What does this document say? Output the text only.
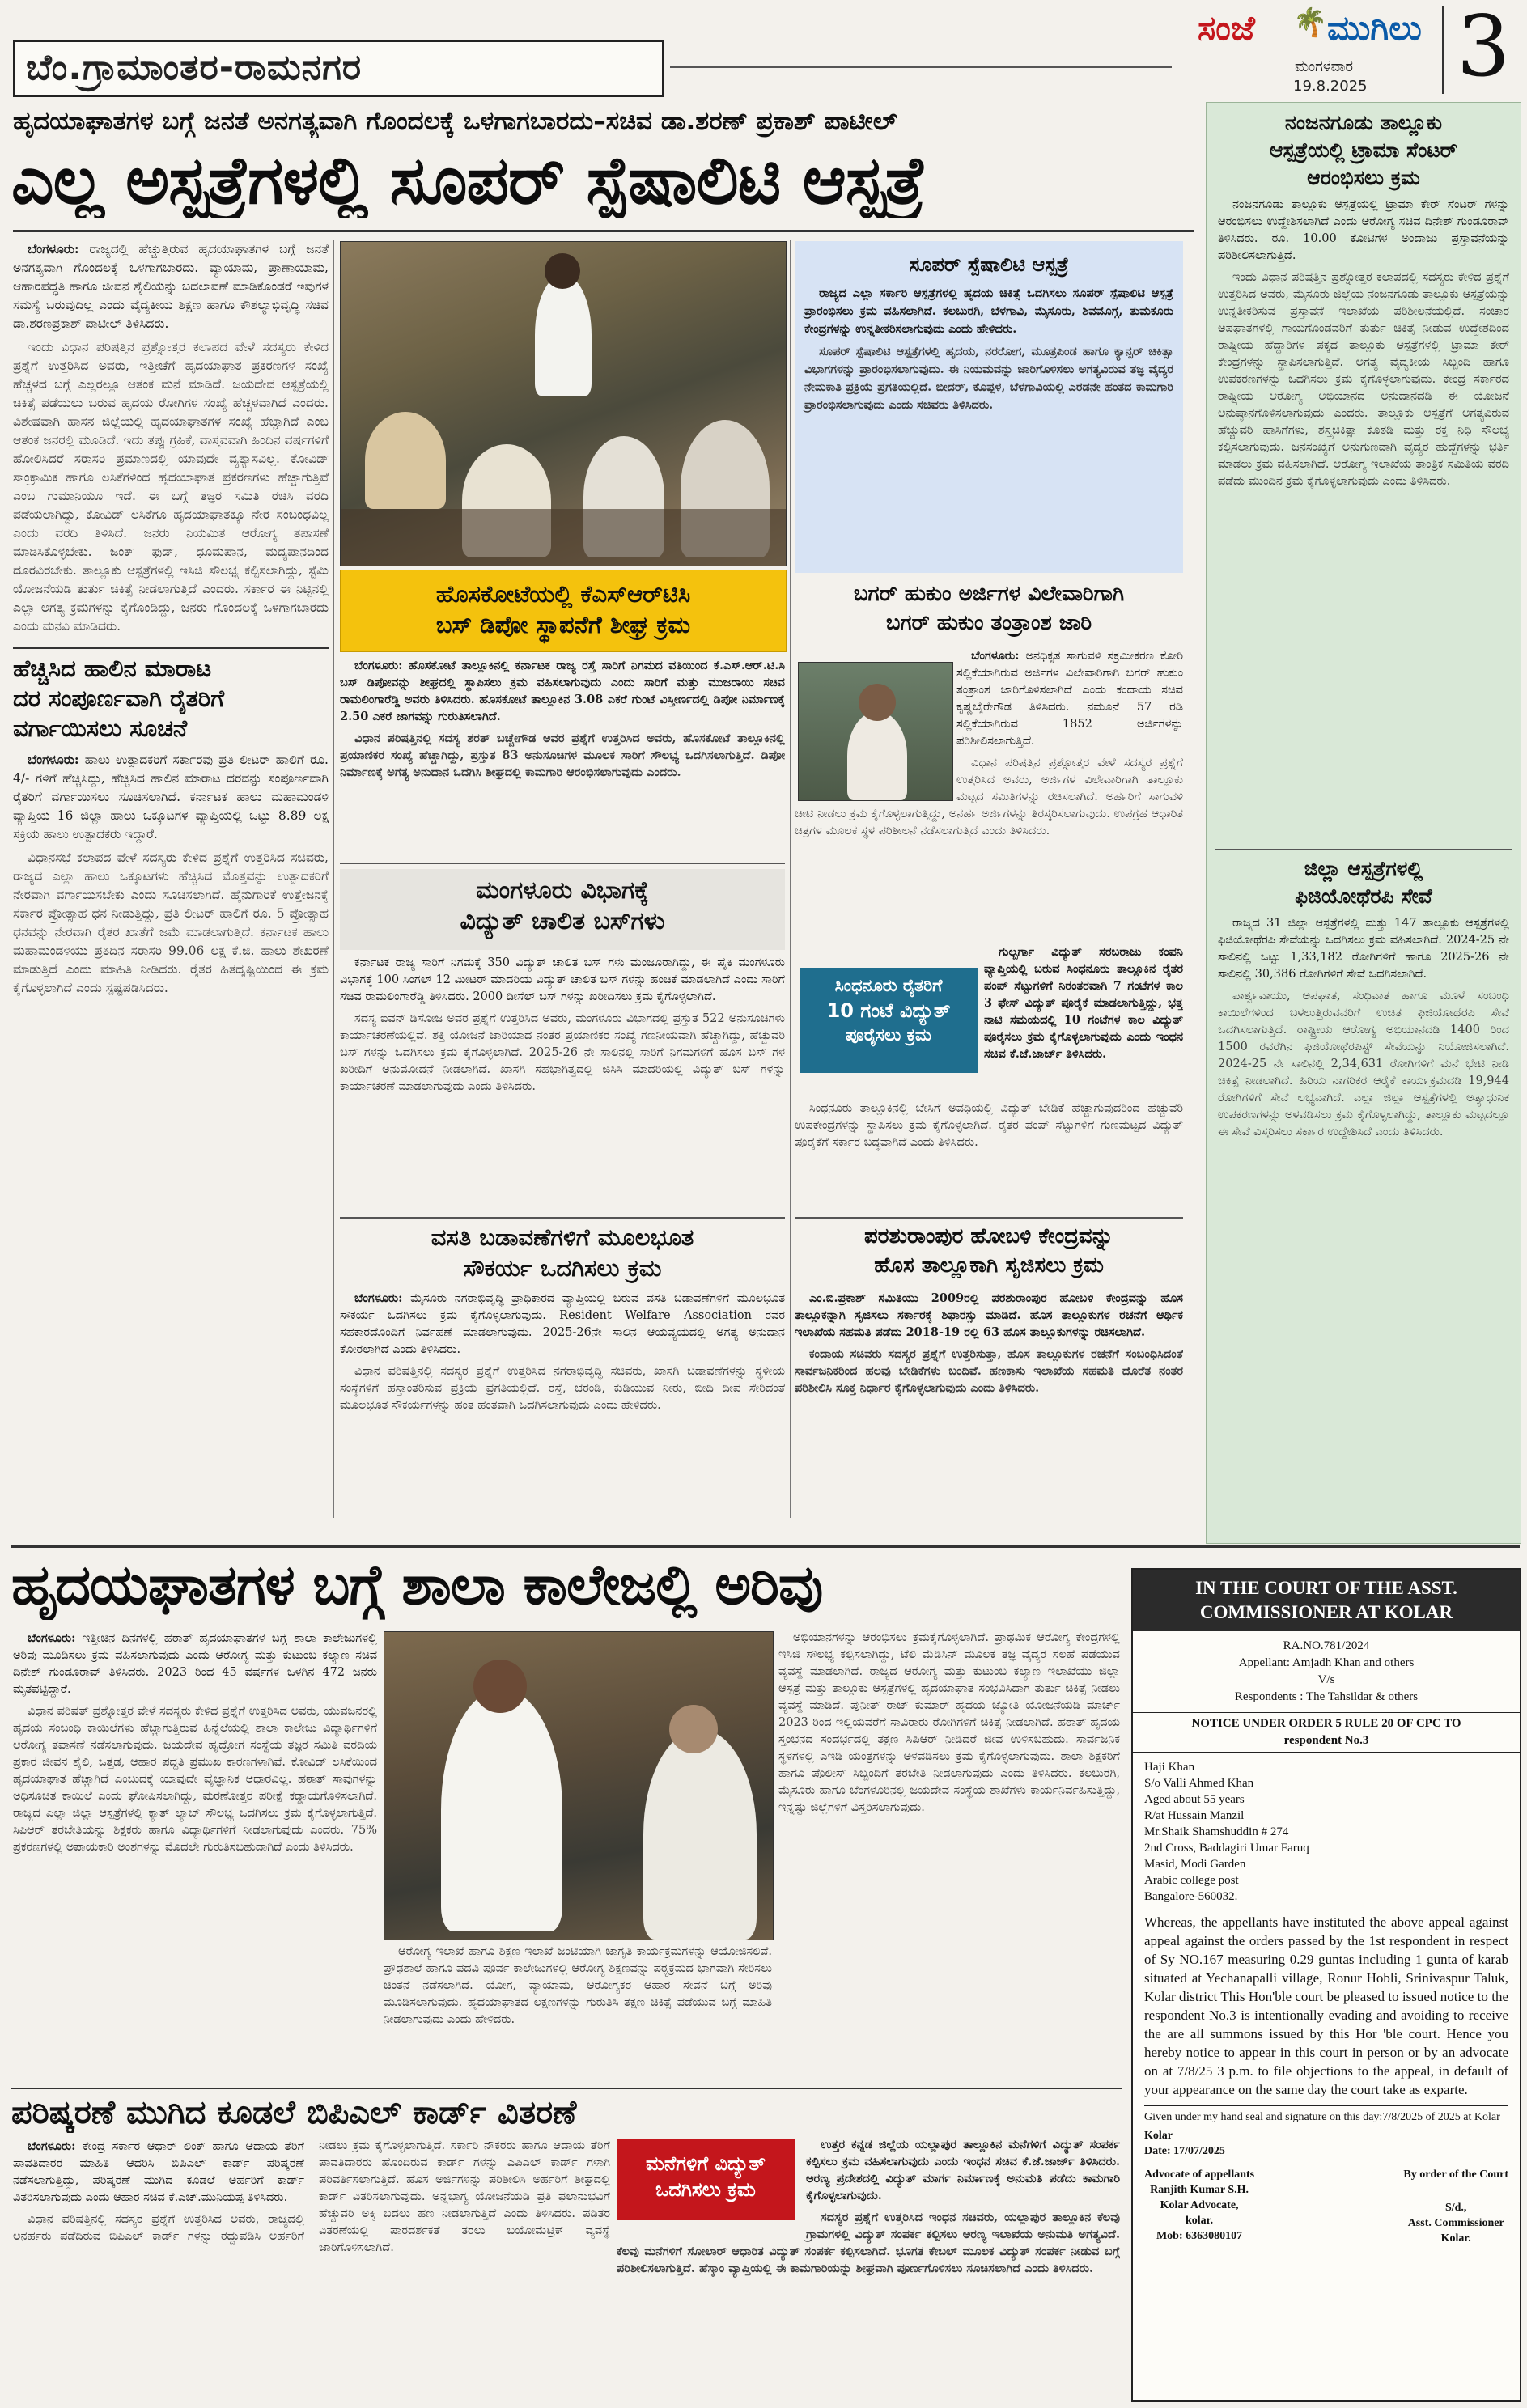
ಬೆಂ.ಗ್ರಾಮಾಂತರ-ರಾಮನಗರ
ಸಂಜೆ 🌴 ಮುಗಿಲು
ಮಂಗಳವಾರ
19.8.2025 3
ಹೃದಯಾಘಾತಗಳ ಬಗ್ಗೆ ಜನತೆ ಅನಗತ್ಯವಾಗಿ ಗೊಂದಲಕ್ಕೆ ಒಳಗಾಗಬಾರದು–ಸಚಿವ ಡಾ.ಶರಣ್ ಪ್ರಕಾಶ್ ಪಾಟೀಲ್
ಎಲ್ಲ ಅಸ್ಪತ್ರೆಗಳಲ್ಲಿ ಸೂಪರ್ ಸ್ಪೆಷಾಲಿಟಿ ಆಸ್ಪತ್ರೆ

ಬೆಂಗಳೂರು: ರಾಜ್ಯದಲ್ಲಿ ಹೆಚ್ಚುತ್ತಿರುವ ಹೃದಯಾಘಾತಗಳ ಬಗ್ಗೆ ಜನತೆ ಅನಗತ್ಯವಾಗಿ ಗೊಂದಲಕ್ಕೆ ಒಳಗಾಗಬಾರದು. ವ್ಯಾಯಾಮ, ಪ್ರಾಣಾಯಾಮ, ಆಹಾರಪದ್ಧತಿ ಹಾಗೂ ಜೀವನ ಶೈಲಿಯನ್ನು ಬದಲಾವಣೆ ಮಾಡಿಕೊಂಡರೆ ಇವುಗಳ ಸಮಸ್ಯೆ ಬರುವುದಿಲ್ಲ ಎಂದು ವೈದ್ಯಕೀಯ ಶಿಕ್ಷಣ ಹಾಗೂ ಕೌಶಲ್ಯಾಭಿವೃದ್ಧಿ ಸಚಿವ ಡಾ.ಶರಣಪ್ರಕಾಶ್ ಪಾಟೀಲ್ ತಿಳಿಸಿದರು.

ಇಂದು ವಿಧಾನ ಪರಿಷತ್ತಿನ ಪ್ರಶ್ನೋತ್ತರ ಕಲಾಪದ ವೇಳೆ ಸದಸ್ಯರು ಕೇಳಿದ ಪ್ರಶ್ನೆಗೆ ಉತ್ತರಿಸಿದ ಅವರು, ಇತ್ತೀಚೆಗೆ ಹೃದಯಾಘಾತ ಪ್ರಕರಣಗಳ ಸಂಖ್ಯೆ ಹೆಚ್ಚಳದ ಬಗ್ಗೆ ಎಲ್ಲರಲ್ಲೂ ಆತಂಕ ಮನೆ ಮಾಡಿದೆ. ಜಯದೇವ ಆಸ್ಪತ್ರೆಯಲ್ಲಿ ಚಿಕಿತ್ಸೆ ಪಡೆಯಲು ಬರುವ ಹೃದಯ ರೋಗಿಗಳ ಸಂಖ್ಯೆ ಹೆಚ್ಚಳವಾಗಿದೆ ಎಂದರು. ವಿಶೇಷವಾಗಿ ಹಾಸನ ಜಿಲ್ಲೆಯಲ್ಲಿ ಹೃದಯಾಘಾತಗಳ ಸಂಖ್ಯೆ ಹೆಚ್ಚಾಗಿದೆ ಎಂಬ ಆತಂಕ ಜನರಲ್ಲಿ ಮೂಡಿದೆ. ಇದು ತಪ್ಪು ಗ್ರಹಿಕೆ, ವಾಸ್ತವವಾಗಿ ಹಿಂದಿನ ವರ್ಷಗಳಿಗೆ ಹೋಲಿಸಿದರೆ ಸರಾಸರಿ ಪ್ರಮಾಣದಲ್ಲಿ ಯಾವುದೇ ವ್ಯತ್ಯಾಸವಿಲ್ಲ. ಕೋವಿಡ್ ಸಾಂಕ್ರಾಮಿಕ ಹಾಗೂ ಲಸಿಕೆಗಳಿಂದ ಹೃದಯಾಘಾತ ಪ್ರಕರಣಗಳು ಹೆಚ್ಚಾಗುತ್ತಿವೆ ಎಂಬ ಗುಮಾನಿಯೂ ಇದೆ. ಈ ಬಗ್ಗೆ ತಜ್ಞರ ಸಮಿತಿ ರಚಿಸಿ ವರದಿ ಪಡೆಯಲಾಗಿದ್ದು, ಕೋವಿಡ್ ಲಸಿಕೆಗೂ ಹೃದಯಾಘಾತಕ್ಕೂ ನೇರ ಸಂಬಂಧವಿಲ್ಲ ಎಂದು ವರದಿ ತಿಳಿಸಿದೆ. ಜನರು ನಿಯಮಿತ ಆರೋಗ್ಯ ತಪಾಸಣೆ ಮಾಡಿಸಿಕೊಳ್ಳಬೇಕು. ಜಂಕ್ ಫುಡ್, ಧೂಮಪಾನ, ಮದ್ಯಪಾನದಿಂದ ದೂರವಿರಬೇಕು. ತಾಲ್ಲೂಕು ಆಸ್ಪತ್ರೆಗಳಲ್ಲಿ ಇಸಿಜಿ ಸೌಲಭ್ಯ ಕಲ್ಪಿಸಲಾಗಿದ್ದು, ಸ್ಟೆಮಿ ಯೋಜನೆಯಡಿ ತುರ್ತು ಚಿಕಿತ್ಸೆ ನೀಡಲಾಗುತ್ತಿದೆ ಎಂದರು. ಸರ್ಕಾರ ಈ ನಿಟ್ಟಿನಲ್ಲಿ ಎಲ್ಲಾ ಅಗತ್ಯ ಕ್ರಮಗಳನ್ನು ಕೈಗೊಂಡಿದ್ದು, ಜನರು ಗೊಂದಲಕ್ಕೆ ಒಳಗಾಗಬಾರದು ಎಂದು ಮನವಿ ಮಾಡಿದರು.

ಹೆಚ್ಚಿಸಿದ ಹಾಲಿನ ಮಾರಾಟ
ದರ ಸಂಪೂರ್ಣವಾಗಿ ರೈತರಿಗೆ
ವರ್ಗಾಯಿಸಲು ಸೂಚನೆ

ಬೆಂಗಳೂರು: ಹಾಲು ಉತ್ಪಾದಕರಿಗೆ ಸರ್ಕಾರವು ಪ್ರತಿ ಲೀಟರ್ ಹಾಲಿಗೆ ರೂ. 4/- ಗಳಿಗೆ ಹೆಚ್ಚಿಸಿದ್ದು, ಹೆಚ್ಚಿಸಿದ ಹಾಲಿನ ಮಾರಾಟ ದರವನ್ನು ಸಂಪೂರ್ಣವಾಗಿ ರೈತರಿಗೆ ವರ್ಗಾಯಿಸಲು ಸೂಚಿಸಲಾಗಿದೆ. ಕರ್ನಾಟಕ ಹಾಲು ಮಹಾಮಂಡಳಿ ವ್ಯಾಪ್ತಿಯ 16 ಜಿಲ್ಲಾ ಹಾಲು ಒಕ್ಕೂಟಗಳ ವ್ಯಾಪ್ತಿಯಲ್ಲಿ ಒಟ್ಟು 8.89 ಲಕ್ಷ ಸಕ್ರಿಯ ಹಾಲು ಉತ್ಪಾದಕರು ಇದ್ದಾರೆ.

ವಿಧಾನಸಭೆ ಕಲಾಪದ ವೇಳೆ ಸದಸ್ಯರು ಕೇಳಿದ ಪ್ರಶ್ನೆಗೆ ಉತ್ತರಿಸಿದ ಸಚಿವರು, ರಾಜ್ಯದ ಎಲ್ಲಾ ಹಾಲು ಒಕ್ಕೂಟಗಳು ಹೆಚ್ಚಿಸಿದ ಮೊತ್ತವನ್ನು ಉತ್ಪಾದಕರಿಗೆ ನೇರವಾಗಿ ವರ್ಗಾಯಿಸಬೇಕು ಎಂದು ಸೂಚಿಸಲಾಗಿದೆ. ಹೈನುಗಾರಿಕೆ ಉತ್ತೇಜನಕ್ಕೆ ಸರ್ಕಾರ ಪ್ರೋತ್ಸಾಹ ಧನ ನೀಡುತ್ತಿದ್ದು, ಪ್ರತಿ ಲೀಟರ್ ಹಾಲಿಗೆ ರೂ. 5 ಪ್ರೋತ್ಸಾಹ ಧನವನ್ನು ನೇರವಾಗಿ ರೈತರ ಖಾತೆಗೆ ಜಮೆ ಮಾಡಲಾಗುತ್ತಿದೆ. ಕರ್ನಾಟಕ ಹಾಲು ಮಹಾಮಂಡಳಿಯು ಪ್ರತಿದಿನ ಸರಾಸರಿ 99.06 ಲಕ್ಷ ಕೆ.ಜಿ. ಹಾಲು ಶೇಖರಣೆ ಮಾಡುತ್ತಿದೆ ಎಂದು ಮಾಹಿತಿ ನೀಡಿದರು. ರೈತರ ಹಿತದೃಷ್ಟಿಯಿಂದ ಈ ಕ್ರಮ ಕೈಗೊಳ್ಳಲಾಗಿದೆ ಎಂದು ಸ್ಪಷ್ಟಪಡಿಸಿದರು.

ಹೊಸಕೋಟೆಯಲ್ಲಿ ಕೆಎಸ್‌ಆರ್‌ಟಿಸಿ
ಬಸ್ ಡಿಪೋ ಸ್ಥಾಪನೆಗೆ ಶೀಘ್ರ ಕ್ರಮ

ಬೆಂಗಳೂರು: ಹೊಸಕೋಟೆ ತಾಲ್ಲೂಕಿನಲ್ಲಿ ಕರ್ನಾಟಕ ರಾಜ್ಯ ರಸ್ತೆ ಸಾರಿಗೆ ನಿಗಮದ ವತಿಯಿಂದ ಕೆ.ಎಸ್.ಆರ್.ಟಿ.ಸಿ ಬಸ್ ಡಿಪೋವನ್ನು ಶೀಘ್ರದಲ್ಲಿ ಸ್ಥಾಪಿಸಲು ಕ್ರಮ ವಹಿಸಲಾಗುವುದು ಎಂದು ಸಾರಿಗೆ ಮತ್ತು ಮುಜರಾಯಿ ಸಚಿವ ರಾಮಲಿಂಗಾರೆಡ್ಡಿ ಅವರು ತಿಳಿಸಿದರು. ಹೊಸಕೋಟೆ ತಾಲ್ಲೂಕಿನ 3.08 ಎಕರೆ ಗುಂಟೆ ವಿಸ್ತೀರ್ಣದಲ್ಲಿ ಡಿಪೋ ನಿರ್ಮಾಣಕ್ಕೆ 2.50 ಎಕರೆ ಜಾಗವನ್ನು ಗುರುತಿಸಲಾಗಿದೆ.

ವಿಧಾನ ಪರಿಷತ್ತಿನಲ್ಲಿ ಸದಸ್ಯ ಶರತ್ ಬಚ್ಚೇಗೌಡ ಅವರ ಪ್ರಶ್ನೆಗೆ ಉತ್ತರಿಸಿದ ಅವರು, ಹೊಸಕೋಟೆ ತಾಲ್ಲೂಕಿನಲ್ಲಿ ಪ್ರಯಾಣಿಕರ ಸಂಖ್ಯೆ ಹೆಚ್ಚಾಗಿದ್ದು, ಪ್ರಸ್ತುತ 83 ಅನುಸೂಚಿಗಳ ಮೂಲಕ ಸಾರಿಗೆ ಸೌಲಭ್ಯ ಒದಗಿಸಲಾಗುತ್ತಿದೆ. ಡಿಪೋ ನಿರ್ಮಾಣಕ್ಕೆ ಅಗತ್ಯ ಅನುದಾನ ಒದಗಿಸಿ ಶೀಘ್ರದಲ್ಲಿ ಕಾಮಗಾರಿ ಆರಂಭಿಸಲಾಗುವುದು ಎಂದರು.

ಮಂಗಳೂರು ವಿಭಾಗಕ್ಕೆ
ವಿದ್ಯುತ್ ಚಾಲಿತ ಬಸ್‌ಗಳು

ಕರ್ನಾಟಕ ರಾಜ್ಯ ಸಾರಿಗೆ ನಿಗಮಕ್ಕೆ 350 ವಿದ್ಯುತ್ ಚಾಲಿತ ಬಸ್ ಗಳು ಮಂಜೂರಾಗಿದ್ದು, ಈ ಪೈಕಿ ಮಂಗಳೂರು ವಿಭಾಗಕ್ಕೆ 100 ಸಿಂಗಲ್ 12 ಮೀಟರ್ ಮಾದರಿಯ ವಿದ್ಯುತ್ ಚಾಲಿತ ಬಸ್ ಗಳನ್ನು ಹಂಚಿಕೆ ಮಾಡಲಾಗಿದೆ ಎಂದು ಸಾರಿಗೆ ಸಚಿವ ರಾಮಲಿಂಗಾರೆಡ್ಡಿ ತಿಳಿಸಿದರು. 2000 ಡೀಸೆಲ್ ಬಸ್ ಗಳನ್ನು ಖರೀದಿಸಲು ಕ್ರಮ ಕೈಗೊಳ್ಳಲಾಗಿದೆ.

ಸದಸ್ಯ ಐವನ್ ಡಿಸೋಜ ಅವರ ಪ್ರಶ್ನೆಗೆ ಉತ್ತರಿಸಿದ ಅವರು, ಮಂಗಳೂರು ವಿಭಾಗದಲ್ಲಿ ಪ್ರಸ್ತುತ 522 ಅನುಸೂಚಿಗಳು ಕಾರ್ಯಾಚರಣೆಯಲ್ಲಿವೆ. ಶಕ್ತಿ ಯೋಜನೆ ಜಾರಿಯಾದ ನಂತರ ಪ್ರಯಾಣಿಕರ ಸಂಖ್ಯೆ ಗಣನೀಯವಾಗಿ ಹೆಚ್ಚಾಗಿದ್ದು, ಹೆಚ್ಚುವರಿ ಬಸ್ ಗಳನ್ನು ಒದಗಿಸಲು ಕ್ರಮ ಕೈಗೊಳ್ಳಲಾಗಿದೆ. 2025-26 ನೇ ಸಾಲಿನಲ್ಲಿ ಸಾರಿಗೆ ನಿಗಮಗಳಿಗೆ ಹೊಸ ಬಸ್ ಗಳ ಖರೀದಿಗೆ ಅನುಮೋದನೆ ನೀಡಲಾಗಿದೆ. ಖಾಸಗಿ ಸಹಭಾಗಿತ್ವದಲ್ಲಿ ಜಿಸಿಸಿ ಮಾದರಿಯಲ್ಲಿ ವಿದ್ಯುತ್ ಬಸ್ ಗಳನ್ನು ಕಾರ್ಯಾಚರಣೆ ಮಾಡಲಾಗುವುದು ಎಂದು ತಿಳಿಸಿದರು.

ವಸತಿ ಬಡಾವಣೆಗಳಿಗೆ ಮೂಲಭೂತ
ಸೌಕರ್ಯ ಒದಗಿಸಲು ಕ್ರಮ

ಬೆಂಗಳೂರು: ಮೈಸೂರು ನಗರಾಭಿವೃದ್ಧಿ ಪ್ರಾಧಿಕಾರದ ವ್ಯಾಪ್ತಿಯಲ್ಲಿ ಬರುವ ವಸತಿ ಬಡಾವಣೆಗಳಿಗೆ ಮೂಲಭೂತ ಸೌಕರ್ಯ ಒದಗಿಸಲು ಕ್ರಮ ಕೈಗೊಳ್ಳಲಾಗುವುದು. Resident Welfare Association ರವರ ಸಹಕಾರದೊಂದಿಗೆ ನಿರ್ವಹಣೆ ಮಾಡಲಾಗುವುದು. 2025-26ನೇ ಸಾಲಿನ ಆಯವ್ಯಯದಲ್ಲಿ ಅಗತ್ಯ ಅನುದಾನ ಕೋರಲಾಗಿದೆ ಎಂದು ತಿಳಿಸಿದರು.

ವಿಧಾನ ಪರಿಷತ್ತಿನಲ್ಲಿ ಸದಸ್ಯರ ಪ್ರಶ್ನೆಗೆ ಉತ್ತರಿಸಿದ ನಗರಾಭಿವೃದ್ಧಿ ಸಚಿವರು, ಖಾಸಗಿ ಬಡಾವಣೆಗಳನ್ನು ಸ್ಥಳೀಯ ಸಂಸ್ಥೆಗಳಿಗೆ ಹಸ್ತಾಂತರಿಸುವ ಪ್ರಕ್ರಿಯೆ ಪ್ರಗತಿಯಲ್ಲಿದೆ. ರಸ್ತೆ, ಚರಂಡಿ, ಕುಡಿಯುವ ನೀರು, ಬೀದಿ ದೀಪ ಸೇರಿದಂತೆ ಮೂಲಭೂತ ಸೌಕರ್ಯಗಳನ್ನು ಹಂತ ಹಂತವಾಗಿ ಒದಗಿಸಲಾಗುವುದು ಎಂದು ಹೇಳಿದರು.

ಸೂಪರ್ ಸ್ಪೆಷಾಲಿಟಿ ಆಸ್ಪತ್ರೆ

ರಾಜ್ಯದ ಎಲ್ಲಾ ಸರ್ಕಾರಿ ಆಸ್ಪತ್ರೆಗಳಲ್ಲಿ ಹೃದಯ ಚಿಕಿತ್ಸೆ ಒದಗಿಸಲು ಸೂಪರ್ ಸ್ಪೆಷಾಲಿಟಿ ಆಸ್ಪತ್ರೆ ಪ್ರಾರಂಭಿಸಲು ಕ್ರಮ ವಹಿಸಲಾಗಿದೆ. ಕಲಬುರಗಿ, ಬೆಳಗಾವಿ, ಮೈಸೂರು, ಶಿವಮೊಗ್ಗ, ತುಮಕೂರು ಕೇಂದ್ರಗಳನ್ನು ಉನ್ನತೀಕರಿಸಲಾಗುವುದು ಎಂದು ಹೇಳಿದರು.

ಸೂಪರ್ ಸ್ಪೆಷಾಲಿಟಿ ಆಸ್ಪತ್ರೆಗಳಲ್ಲಿ ಹೃದಯ, ನರರೋಗ, ಮೂತ್ರಪಿಂಡ ಹಾಗೂ ಕ್ಯಾನ್ಸರ್ ಚಿಕಿತ್ಸಾ ವಿಭಾಗಗಳನ್ನು ಪ್ರಾರಂಭಿಸಲಾಗುವುದು. ಈ ನಿಯಮವನ್ನು ಜಾರಿಗೊಳಿಸಲು ಅಗತ್ಯವಿರುವ ತಜ್ಞ ವೈದ್ಯರ ನೇಮಕಾತಿ ಪ್ರಕ್ರಿಯೆ ಪ್ರಗತಿಯಲ್ಲಿದೆ. ಬೀದರ್, ಕೊಪ್ಪಳ, ಬೆಳಗಾವಿಯಲ್ಲಿ ಎರಡನೇ ಹಂತದ ಕಾಮಗಾರಿ ಪ್ರಾರಂಭಿಸಲಾಗುವುದು ಎಂದು ಸಚಿವರು ತಿಳಿಸಿದರು.

ಬಗರ್ ಹುಕುಂ ಅರ್ಜಿಗಳ ವಿಲೇವಾರಿಗಾಗಿ
ಬಗರ್ ಹುಕುಂ ತಂತ್ರಾಂಶ ಜಾರಿ

ಬೆಂಗಳೂರು: ಅನಧಿಕೃತ ಸಾಗುವಳಿ ಸಕ್ರಮೀಕರಣ ಕೋರಿ ಸಲ್ಲಿಕೆಯಾಗಿರುವ ಅರ್ಜಿಗಳ ವಿಲೇವಾರಿಗಾಗಿ ಬಗರ್ ಹುಕುಂ ತಂತ್ರಾಂಶ ಜಾರಿಗೊಳಿಸಲಾಗಿದೆ ಎಂದು ಕಂದಾಯ ಸಚಿವ ಕೃಷ್ಣಬೈರೇಗೌಡ ತಿಳಿಸಿದರು. ನಮೂನೆ 57 ರಡಿ ಸಲ್ಲಿಕೆಯಾಗಿರುವ 1852 ಅರ್ಜಿಗಳನ್ನು ಪರಿಶೀಲಿಸಲಾಗುತ್ತಿದೆ.

ವಿಧಾನ ಪರಿಷತ್ತಿನ ಪ್ರಶ್ನೋತ್ತರ ವೇಳೆ ಸದಸ್ಯರ ಪ್ರಶ್ನೆಗೆ ಉತ್ತರಿಸಿದ ಅವರು, ಅರ್ಜಿಗಳ ವಿಲೇವಾರಿಗಾಗಿ ತಾಲ್ಲೂಕು ಮಟ್ಟದ ಸಮಿತಿಗಳನ್ನು ರಚಿಸಲಾಗಿದೆ. ಅರ್ಹರಿಗೆ ಸಾಗುವಳಿ ಚೀಟಿ ನೀಡಲು ಕ್ರಮ ಕೈಗೊಳ್ಳಲಾಗುತ್ತಿದ್ದು, ಅನರ್ಹ ಅರ್ಜಿಗಳನ್ನು ತಿರಸ್ಕರಿಸಲಾಗುವುದು. ಉಪಗ್ರಹ ಆಧಾರಿತ ಚಿತ್ರಗಳ ಮೂಲಕ ಸ್ಥಳ ಪರಿಶೀಲನೆ ನಡೆಸಲಾಗುತ್ತಿದೆ ಎಂದು ತಿಳಿಸಿದರು.

ಸಿಂಧನೂರು ರೈತರಿಗೆ
10 ಗಂಟೆ ವಿದ್ಯುತ್
ಪೂರೈಸಲು ಕ್ರಮ

ಗುಲ್ಬರ್ಗಾ ವಿದ್ಯುತ್ ಸರಬರಾಜು ಕಂಪನಿ ವ್ಯಾಪ್ತಿಯಲ್ಲಿ ಬರುವ ಸಿಂಧನೂರು ತಾಲ್ಲೂಕಿನ ರೈತರ ಪಂಪ್ ಸೆಟ್ಟುಗಳಿಗೆ ನಿರಂತರವಾಗಿ 7 ಗಂಟೆಗಳ ಕಾಲ 3 ಫೇಸ್ ವಿದ್ಯುತ್ ಪೂರೈಕೆ ಮಾಡಲಾಗುತ್ತಿದ್ದು, ಭತ್ತ ನಾಟಿ ಸಮಯದಲ್ಲಿ 10 ಗಂಟೆಗಳ ಕಾಲ ವಿದ್ಯುತ್ ಪೂರೈಸಲು ಕ್ರಮ ಕೈಗೊಳ್ಳಲಾಗುವುದು ಎಂದು ಇಂಧನ ಸಚಿವ ಕೆ.ಜೆ.ಜಾರ್ಜ್ ತಿಳಿಸಿದರು.

ಸಿಂಧನೂರು ತಾಲ್ಲೂಕಿನಲ್ಲಿ ಬೇಸಿಗೆ ಅವಧಿಯಲ್ಲಿ ವಿದ್ಯುತ್ ಬೇಡಿಕೆ ಹೆಚ್ಚಾಗುವುದರಿಂದ ಹೆಚ್ಚುವರಿ ಉಪಕೇಂದ್ರಗಳನ್ನು ಸ್ಥಾಪಿಸಲು ಕ್ರಮ ಕೈಗೊಳ್ಳಲಾಗಿದೆ. ರೈತರ ಪಂಪ್ ಸೆಟ್ಟುಗಳಿಗೆ ಗುಣಮಟ್ಟದ ವಿದ್ಯುತ್ ಪೂರೈಕೆಗೆ ಸರ್ಕಾರ ಬದ್ಧವಾಗಿದೆ ಎಂದು ತಿಳಿಸಿದರು.

ಪರಶುರಾಂಪುರ ಹೋಬಳಿ ಕೇಂದ್ರವನ್ನು
ಹೊಸ ತಾಲ್ಲೂಕಾಗಿ ಸೃಜಿಸಲು ಕ್ರಮ

ಎಂ.ಬಿ.ಪ್ರಕಾಶ್ ಸಮಿತಿಯು 2009ರಲ್ಲಿ ಪರಶುರಾಂಪುರ ಹೋಬಳಿ ಕೇಂದ್ರವನ್ನು ಹೊಸ ತಾಲ್ಲೂಕನ್ನಾಗಿ ಸೃಜಿಸಲು ಸರ್ಕಾರಕ್ಕೆ ಶಿಫಾರಸ್ಸು ಮಾಡಿದೆ. ಹೊಸ ತಾಲ್ಲೂಕುಗಳ ರಚನೆಗೆ ಆರ್ಥಿಕ ಇಲಾಖೆಯ ಸಹಮತಿ ಪಡೆದು 2018-19 ರಲ್ಲಿ 63 ಹೊಸ ತಾಲ್ಲೂಕುಗಳನ್ನು ರಚಿಸಲಾಗಿದೆ.

ಕಂದಾಯ ಸಚಿವರು ಸದಸ್ಯರ ಪ್ರಶ್ನೆಗೆ ಉತ್ತರಿಸುತ್ತಾ, ಹೊಸ ತಾಲ್ಲೂಕುಗಳ ರಚನೆಗೆ ಸಂಬಂಧಿಸಿದಂತೆ ಸಾರ್ವಜನಿಕರಿಂದ ಹಲವು ಬೇಡಿಕೆಗಳು ಬಂದಿವೆ. ಹಣಕಾಸು ಇಲಾಖೆಯ ಸಹಮತಿ ದೊರೆತ ನಂತರ ಪರಿಶೀಲಿಸಿ ಸೂಕ್ತ ನಿರ್ಧಾರ ಕೈಗೊಳ್ಳಲಾಗುವುದು ಎಂದು ತಿಳಿಸಿದರು.

ನಂಜನಗೂಡು ತಾಲ್ಲೂಕು
ಆಸ್ಪತ್ರೆಯಲ್ಲಿ ಟ್ರಾಮಾ ಸೆಂಟರ್
ಆರಂಭಿಸಲು ಕ್ರಮ

ನಂಜನಗೂಡು ತಾಲ್ಲೂಕು ಆಸ್ಪತ್ರೆಯಲ್ಲಿ ಟ್ರಾಮಾ ಕೇರ್ ಸೆಂಟರ್ ಗಳನ್ನು ಆರಂಭಿಸಲು ಉದ್ದೇಶಿಸಲಾಗಿದೆ ಎಂದು ಆರೋಗ್ಯ ಸಚಿವ ದಿನೇಶ್ ಗುಂಡೂರಾವ್ ತಿಳಿಸಿದರು. ರೂ. 10.00 ಕೋಟಿಗಳ ಅಂದಾಜು ಪ್ರಸ್ತಾವನೆಯನ್ನು ಪರಿಶೀಲಿಸಲಾಗುತ್ತಿದೆ.

ಇಂದು ವಿಧಾನ ಪರಿಷತ್ತಿನ ಪ್ರಶ್ನೋತ್ತರ ಕಲಾಪದಲ್ಲಿ ಸದಸ್ಯರು ಕೇಳಿದ ಪ್ರಶ್ನೆಗೆ ಉತ್ತರಿಸಿದ ಅವರು, ಮೈಸೂರು ಜಿಲ್ಲೆಯ ನಂಜನಗೂಡು ತಾಲ್ಲೂಕು ಆಸ್ಪತ್ರೆಯನ್ನು ಉನ್ನತೀಕರಿಸುವ ಪ್ರಸ್ತಾವನೆ ಇಲಾಖೆಯ ಪರಿಶೀಲನೆಯಲ್ಲಿದೆ. ಸಂಚಾರ ಅಪಘಾತಗಳಲ್ಲಿ ಗಾಯಗೊಂಡವರಿಗೆ ತುರ್ತು ಚಿಕಿತ್ಸೆ ನೀಡುವ ಉದ್ದೇಶದಿಂದ ರಾಷ್ಟ್ರೀಯ ಹೆದ್ದಾರಿಗಳ ಪಕ್ಕದ ತಾಲ್ಲೂಕು ಆಸ್ಪತ್ರೆಗಳಲ್ಲಿ ಟ್ರಾಮಾ ಕೇರ್ ಕೇಂದ್ರಗಳನ್ನು ಸ್ಥಾಪಿಸಲಾಗುತ್ತಿದೆ. ಅಗತ್ಯ ವೈದ್ಯಕೀಯ ಸಿಬ್ಬಂದಿ ಹಾಗೂ ಉಪಕರಣಗಳನ್ನು ಒದಗಿಸಲು ಕ್ರಮ ಕೈಗೊಳ್ಳಲಾಗುವುದು. ಕೇಂದ್ರ ಸರ್ಕಾರದ ರಾಷ್ಟ್ರೀಯ ಆರೋಗ್ಯ ಅಭಿಯಾನದ ಅನುದಾನದಡಿ ಈ ಯೋಜನೆ ಅನುಷ್ಠಾನಗೊಳಿಸಲಾಗುವುದು ಎಂದರು. ತಾಲ್ಲೂಕು ಆಸ್ಪತ್ರೆಗೆ ಅಗತ್ಯವಿರುವ ಹೆಚ್ಚುವರಿ ಹಾಸಿಗೆಗಳು, ಶಸ್ತ್ರಚಿಕಿತ್ಸಾ ಕೊಠಡಿ ಮತ್ತು ರಕ್ತ ನಿಧಿ ಸೌಲಭ್ಯ ಕಲ್ಪಿಸಲಾಗುವುದು. ಜನಸಂಖ್ಯೆಗೆ ಅನುಗುಣವಾಗಿ ವೈದ್ಯರ ಹುದ್ದೆಗಳನ್ನು ಭರ್ತಿ ಮಾಡಲು ಕ್ರಮ ವಹಿಸಲಾಗಿದೆ. ಆರೋಗ್ಯ ಇಲಾಖೆಯ ತಾಂತ್ರಿಕ ಸಮಿತಿಯ ವರದಿ ಪಡೆದು ಮುಂದಿನ ಕ್ರಮ ಕೈಗೊಳ್ಳಲಾಗುವುದು ಎಂದು ತಿಳಿಸಿದರು.

ಜಿಲ್ಲಾ ಆಸ್ಪತ್ರೆಗಳಲ್ಲಿ
ಫಿಜಿಯೋಥೆರಪಿ ಸೇವೆ

ರಾಜ್ಯದ 31 ಜಿಲ್ಲಾ ಆಸ್ಪತ್ರೆಗಳಲ್ಲಿ ಮತ್ತು 147 ತಾಲ್ಲೂಕು ಆಸ್ಪತ್ರೆಗಳಲ್ಲಿ ಫಿಜಿಯೋಥೆರಪಿ ಸೇವೆಯನ್ನು ಒದಗಿಸಲು ಕ್ರಮ ವಹಿಸಲಾಗಿದೆ. 2024-25 ನೇ ಸಾಲಿನಲ್ಲಿ ಒಟ್ಟು 1,33,182 ರೋಗಿಗಳಿಗೆ ಹಾಗೂ 2025-26 ನೇ ಸಾಲಿನಲ್ಲಿ 30,386 ರೋಗಿಗಳಿಗೆ ಸೇವೆ ಒದಗಿಸಲಾಗಿದೆ.

ಪಾರ್ಶ್ವವಾಯು, ಅಪಘಾತ, ಸಂಧಿವಾತ ಹಾಗೂ ಮೂಳೆ ಸಂಬಂಧಿ ಕಾಯಿಲೆಗಳಿಂದ ಬಳಲುತ್ತಿರುವವರಿಗೆ ಉಚಿತ ಫಿಜಿಯೋಥೆರಪಿ ಸೇವೆ ಒದಗಿಸಲಾಗುತ್ತಿದೆ. ರಾಷ್ಟ್ರೀಯ ಆರೋಗ್ಯ ಅಭಿಯಾನದಡಿ 1400 ರಿಂದ 1500 ರವರೆಗಿನ ಫಿಜಿಯೋಥೆರಪಿಸ್ಟ್ ಸೇವೆಯನ್ನು ನಿಯೋಜಿಸಲಾಗಿದೆ. 2024-25 ನೇ ಸಾಲಿನಲ್ಲಿ 2,34,631 ರೋಗಿಗಳಿಗೆ ಮನೆ ಭೇಟಿ ನೀಡಿ ಚಿಕಿತ್ಸೆ ನೀಡಲಾಗಿದೆ. ಹಿರಿಯ ನಾಗರಿಕರ ಆರೈಕೆ ಕಾರ್ಯಕ್ರಮದಡಿ 19,944 ರೋಗಿಗಳಿಗೆ ಸೇವೆ ಲಭ್ಯವಾಗಿದೆ. ಎಲ್ಲಾ ಜಿಲ್ಲಾ ಆಸ್ಪತ್ರೆಗಳಲ್ಲಿ ಅತ್ಯಾಧುನಿಕ ಉಪಕರಣಗಳನ್ನು ಅಳವಡಿಸಲು ಕ್ರಮ ಕೈಗೊಳ್ಳಲಾಗಿದ್ದು, ತಾಲ್ಲೂಕು ಮಟ್ಟದಲ್ಲೂ ಈ ಸೇವೆ ವಿಸ್ತರಿಸಲು ಸರ್ಕಾರ ಉದ್ದೇಶಿಸಿದೆ ಎಂದು ತಿಳಿಸಿದರು.

ಹೃದಯಘಾತಗಳ ಬಗ್ಗೆ ಶಾಲಾ ಕಾಲೇಜಲ್ಲಿ ಅರಿವು

ಬೆಂಗಳೂರು: ಇತ್ತೀಚಿನ ದಿನಗಳಲ್ಲಿ ಹಠಾತ್ ಹೃದಯಾಘಾತಗಳ ಬಗ್ಗೆ ಶಾಲಾ ಕಾಲೇಜುಗಳಲ್ಲಿ ಅರಿವು ಮೂಡಿಸಲು ಕ್ರಮ ವಹಿಸಲಾಗುವುದು ಎಂದು ಆರೋಗ್ಯ ಮತ್ತು ಕುಟುಂಬ ಕಲ್ಯಾಣ ಸಚಿವ ದಿನೇಶ್ ಗುಂಡೂರಾವ್ ತಿಳಿಸಿದರು. 2023 ರಿಂದ 45 ವರ್ಷಗಳ ಒಳಗಿನ 472 ಜನರು ಮೃತಪಟ್ಟಿದ್ದಾರೆ.

ವಿಧಾನ ಪರಿಷತ್ ಪ್ರಶ್ನೋತ್ತರ ವೇಳೆ ಸದಸ್ಯರು ಕೇಳಿದ ಪ್ರಶ್ನೆಗೆ ಉತ್ತರಿಸಿದ ಅವರು, ಯುವಜನರಲ್ಲಿ ಹೃದಯ ಸಂಬಂಧಿ ಕಾಯಿಲೆಗಳು ಹೆಚ್ಚಾಗುತ್ತಿರುವ ಹಿನ್ನೆಲೆಯಲ್ಲಿ ಶಾಲಾ ಕಾಲೇಜು ವಿದ್ಯಾರ್ಥಿಗಳಿಗೆ ಆರೋಗ್ಯ ತಪಾಸಣೆ ನಡೆಸಲಾಗುವುದು. ಜಯದೇವ ಹೃದ್ರೋಗ ಸಂಸ್ಥೆಯ ತಜ್ಞರ ಸಮಿತಿ ವರದಿಯ ಪ್ರಕಾರ ಜೀವನ ಶೈಲಿ, ಒತ್ತಡ, ಆಹಾರ ಪದ್ಧತಿ ಪ್ರಮುಖ ಕಾರಣಗಳಾಗಿವೆ. ಕೋವಿಡ್ ಲಸಿಕೆಯಿಂದ ಹೃದಯಾಘಾತ ಹೆಚ್ಚಾಗಿದೆ ಎಂಬುದಕ್ಕೆ ಯಾವುದೇ ವೈಜ್ಞಾನಿಕ ಆಧಾರವಿಲ್ಲ. ಹಠಾತ್ ಸಾವುಗಳನ್ನು ಅಧಿಸೂಚಿತ ಕಾಯಿಲೆ ಎಂದು ಘೋಷಿಸಲಾಗಿದ್ದು, ಮರಣೋತ್ತರ ಪರೀಕ್ಷೆ ಕಡ್ಡಾಯಗೊಳಿಸಲಾಗಿದೆ. ರಾಜ್ಯದ ಎಲ್ಲಾ ಜಿಲ್ಲಾ ಆಸ್ಪತ್ರೆಗಳಲ್ಲಿ ಕ್ಯಾತ್ ಲ್ಯಾಬ್ ಸೌಲಭ್ಯ ಒದಗಿಸಲು ಕ್ರಮ ಕೈಗೊಳ್ಳಲಾಗುತ್ತಿದೆ. ಸಿಪಿಆರ್ ತರಬೇತಿಯನ್ನು ಶಿಕ್ಷಕರು ಹಾಗೂ ವಿದ್ಯಾರ್ಥಿಗಳಿಗೆ ನೀಡಲಾಗುವುದು ಎಂದರು. 75% ಪ್ರಕರಣಗಳಲ್ಲಿ ಅಪಾಯಕಾರಿ ಅಂಶಗಳನ್ನು ಮೊದಲೇ ಗುರುತಿಸಬಹುದಾಗಿದೆ ಎಂದು ತಿಳಿಸಿದರು.

ಆರೋಗ್ಯ ಇಲಾಖೆ ಹಾಗೂ ಶಿಕ್ಷಣ ಇಲಾಖೆ ಜಂಟಿಯಾಗಿ ಜಾಗೃತಿ ಕಾರ್ಯಕ್ರಮಗಳನ್ನು ಆಯೋಜಿಸಲಿವೆ. ಪ್ರೌಢಶಾಲೆ ಹಾಗೂ ಪದವಿ ಪೂರ್ವ ಕಾಲೇಜುಗಳಲ್ಲಿ ಆರೋಗ್ಯ ಶಿಕ್ಷಣವನ್ನು ಪಠ್ಯಕ್ರಮದ ಭಾಗವಾಗಿ ಸೇರಿಸಲು ಚಿಂತನೆ ನಡೆಸಲಾಗಿದೆ. ಯೋಗ, ವ್ಯಾಯಾಮ, ಆರೋಗ್ಯಕರ ಆಹಾರ ಸೇವನೆ ಬಗ್ಗೆ ಅರಿವು ಮೂಡಿಸಲಾಗುವುದು. ಹೃದಯಾಘಾತದ ಲಕ್ಷಣಗಳನ್ನು ಗುರುತಿಸಿ ತಕ್ಷಣ ಚಿಕಿತ್ಸೆ ಪಡೆಯುವ ಬಗ್ಗೆ ಮಾಹಿತಿ ನೀಡಲಾಗುವುದು ಎಂದು ಹೇಳಿದರು.

ಅಭಿಯಾನಗಳನ್ನು ಆರಂಭಿಸಲು ಕ್ರಮಕೈಗೊಳ್ಳಲಾಗಿದೆ. ಪ್ರಾಥಮಿಕ ಆರೋಗ್ಯ ಕೇಂದ್ರಗಳಲ್ಲಿ ಇಸಿಜಿ ಸೌಲಭ್ಯ ಕಲ್ಪಿಸಲಾಗಿದ್ದು, ಟೆಲಿ ಮೆಡಿಸಿನ್ ಮೂಲಕ ತಜ್ಞ ವೈದ್ಯರ ಸಲಹೆ ಪಡೆಯುವ ವ್ಯವಸ್ಥೆ ಮಾಡಲಾಗಿದೆ. ರಾಜ್ಯದ ಆರೋಗ್ಯ ಮತ್ತು ಕುಟುಂಬ ಕಲ್ಯಾಣ ಇಲಾಖೆಯು ಜಿಲ್ಲಾ ಆಸ್ಪತ್ರೆ ಮತ್ತು ತಾಲ್ಲೂಕು ಆಸ್ಪತ್ರೆಗಳಲ್ಲಿ ಹೃದಯಾಘಾತ ಸಂಭವಿಸಿದಾಗ ತುರ್ತು ಚಿಕಿತ್ಸೆ ನೀಡಲು ವ್ಯವಸ್ಥೆ ಮಾಡಿದೆ. ಪುನೀತ್ ರಾಜ್ ಕುಮಾರ್ ಹೃದಯ ಜ್ಯೋತಿ ಯೋಜನೆಯಡಿ ಮಾರ್ಚ್ 2023 ರಿಂದ ಇಲ್ಲಿಯವರೆಗೆ ಸಾವಿರಾರು ರೋಗಿಗಳಿಗೆ ಚಿಕಿತ್ಸೆ ನೀಡಲಾಗಿದೆ. ಹಠಾತ್ ಹೃದಯ ಸ್ತಂಭನದ ಸಂದರ್ಭದಲ್ಲಿ ತಕ್ಷಣ ಸಿಪಿಆರ್ ನೀಡಿದರೆ ಜೀವ ಉಳಿಸಬಹುದು. ಸಾರ್ವಜನಿಕ ಸ್ಥಳಗಳಲ್ಲಿ ಎಇಡಿ ಯಂತ್ರಗಳನ್ನು ಅಳವಡಿಸಲು ಕ್ರಮ ಕೈಗೊಳ್ಳಲಾಗುವುದು. ಶಾಲಾ ಶಿಕ್ಷಕರಿಗೆ ಹಾಗೂ ಪೊಲೀಸ್ ಸಿಬ್ಬಂದಿಗೆ ತರಬೇತಿ ನೀಡಲಾಗುವುದು ಎಂದು ತಿಳಿಸಿದರು. ಕಲಬುರಗಿ, ಮೈಸೂರು ಹಾಗೂ ಬೆಂಗಳೂರಿನಲ್ಲಿ ಜಯದೇವ ಸಂಸ್ಥೆಯ ಶಾಖೆಗಳು ಕಾರ್ಯನಿರ್ವಹಿಸುತ್ತಿದ್ದು, ಇನ್ನಷ್ಟು ಜಿಲ್ಲೆಗಳಿಗೆ ವಿಸ್ತರಿಸಲಾಗುವುದು.

ಪರಿಷ್ಕರಣೆ ಮುಗಿದ ಕೂಡಲೆ ಬಿಪಿಎಲ್ ಕಾರ್ಡ್ ವಿತರಣೆ

ಬೆಂಗಳೂರು: ಕೇಂದ್ರ ಸರ್ಕಾರ ಆಧಾರ್ ಲಿಂಕ್ ಹಾಗೂ ಆದಾಯ ತೆರಿಗೆ ಪಾವತಿದಾರರ ಮಾಹಿತಿ ಆಧರಿಸಿ ಬಿಪಿಎಲ್ ಕಾರ್ಡ್ ಪರಿಷ್ಕರಣೆ ನಡೆಸಲಾಗುತ್ತಿದ್ದು, ಪರಿಷ್ಕರಣೆ ಮುಗಿದ ಕೂಡಲೆ ಅರ್ಹರಿಗೆ ಕಾರ್ಡ್ ವಿತರಿಸಲಾಗುವುದು ಎಂದು ಆಹಾರ ಸಚಿವ ಕೆ.ಎಚ್.ಮುನಿಯಪ್ಪ ತಿಳಿಸಿದರು.

ವಿಧಾನ ಪರಿಷತ್ತಿನಲ್ಲಿ ಸದಸ್ಯರ ಪ್ರಶ್ನೆಗೆ ಉತ್ತರಿಸಿದ ಅವರು, ರಾಜ್ಯದಲ್ಲಿ ಅನರ್ಹರು ಪಡೆದಿರುವ ಬಿಪಿಎಲ್ ಕಾರ್ಡ್ ಗಳನ್ನು ರದ್ದುಪಡಿಸಿ ಅರ್ಹರಿಗೆ ನೀಡಲು ಕ್ರಮ ಕೈಗೊಳ್ಳಲಾಗುತ್ತಿದೆ. ಸರ್ಕಾರಿ ನೌಕರರು ಹಾಗೂ ಆದಾಯ ತೆರಿಗೆ ಪಾವತಿದಾರರು ಹೊಂದಿರುವ ಕಾರ್ಡ್ ಗಳನ್ನು ಎಪಿಎಲ್ ಕಾರ್ಡ್ ಗಳಾಗಿ ಪರಿವರ್ತಿಸಲಾಗುತ್ತಿದೆ. ಹೊಸ ಅರ್ಜಿಗಳನ್ನು ಪರಿಶೀಲಿಸಿ ಅರ್ಹರಿಗೆ ಶೀಘ್ರದಲ್ಲಿ ಕಾರ್ಡ್ ವಿತರಿಸಲಾಗುವುದು. ಅನ್ನಭಾಗ್ಯ ಯೋಜನೆಯಡಿ ಪ್ರತಿ ಫಲಾನುಭವಿಗೆ ಹೆಚ್ಚುವರಿ ಅಕ್ಕಿ ಬದಲು ಹಣ ನೀಡಲಾಗುತ್ತಿದೆ ಎಂದು ತಿಳಿಸಿದರು. ಪಡಿತರ ವಿತರಣೆಯಲ್ಲಿ ಪಾರದರ್ಶಕತೆ ತರಲು ಬಯೋಮೆಟ್ರಿಕ್ ವ್ಯವಸ್ಥೆ ಜಾರಿಗೊಳಿಸಲಾಗಿದೆ.

ಮನೆಗಳಿಗೆ ವಿದ್ಯುತ್
ಒದಗಿಸಲು ಕ್ರಮ

ಉತ್ತರ ಕನ್ನಡ ಜಿಲ್ಲೆಯ ಯಲ್ಲಾಪುರ ತಾಲ್ಲೂಕಿನ ಮನೆಗಳಿಗೆ ವಿದ್ಯುತ್ ಸಂಪರ್ಕ ಕಲ್ಪಿಸಲು ಕ್ರಮ ವಹಿಸಲಾಗುವುದು ಎಂದು ಇಂಧನ ಸಚಿವ ಕೆ.ಜೆ.ಜಾರ್ಜ್ ತಿಳಿಸಿದರು. ಅರಣ್ಯ ಪ್ರದೇಶದಲ್ಲಿ ವಿದ್ಯುತ್ ಮಾರ್ಗ ನಿರ್ಮಾಣಕ್ಕೆ ಅನುಮತಿ ಪಡೆದು ಕಾಮಗಾರಿ ಕೈಗೊಳ್ಳಲಾಗುವುದು.

ಸದಸ್ಯರ ಪ್ರಶ್ನೆಗೆ ಉತ್ತರಿಸಿದ ಇಂಧನ ಸಚಿವರು, ಯಲ್ಲಾಪುರ ತಾಲ್ಲೂಕಿನ ಕೆಲವು ಗ್ರಾಮಗಳಲ್ಲಿ ವಿದ್ಯುತ್ ಸಂಪರ್ಕ ಕಲ್ಪಿಸಲು ಅರಣ್ಯ ಇಲಾಖೆಯ ಅನುಮತಿ ಅಗತ್ಯವಿದೆ. ಕೆಲವು ಮನೆಗಳಿಗೆ ಸೋಲಾರ್ ಆಧಾರಿತ ವಿದ್ಯುತ್ ಸಂಪರ್ಕ ಕಲ್ಪಿಸಲಾಗಿದೆ. ಭೂಗತ ಕೇಬಲ್ ಮೂಲಕ ವಿದ್ಯುತ್ ಸಂಪರ್ಕ ನೀಡುವ ಬಗ್ಗೆ ಪರಿಶೀಲಿಸಲಾಗುತ್ತಿದೆ. ಹೆಸ್ಕಾಂ ವ್ಯಾಪ್ತಿಯಲ್ಲಿ ಈ ಕಾಮಗಾರಿಯನ್ನು ಶೀಘ್ರವಾಗಿ ಪೂರ್ಣಗೊಳಿಸಲು ಸೂಚಿಸಲಾಗಿದೆ ಎಂದು ತಿಳಿಸಿದರು.

IN THE COURT OF THE ASST.
COMMISSIONER AT KOLAR
RA.NO.781/2024
Appellant: Amjadh Khan and others
V/s
Respondents : The Tahsildar & others
NOTICE UNDER ORDER 5 RULE 20 OF CPC TO
respondent No.3
Haji Khan
S/o Valli Ahmed Khan
Aged about 55 years
R/at Hussain Manzil
Mr.Shaik Shamshuddin # 274
2nd Cross, Baddagiri Umar Faruq
Masid, Modi Garden
Arabic college post
Bangalore-560032.
Whereas, the appellants have instituted the above appeal against appeal against the orders passed by the 1st respondent in respect of Sy NO.167 measuring 0.29 guntas including 1 gunta of karab situated at Yechanapalli village, Ronur Hobli, Srinivaspur Taluk, Kolar district This Hon'ble court be pleased to issued notice to the respondent No.3 is intentionally evading and avoiding to receive the are all summons issued by this Hor 'ble court. Hence you hereby notice to appear in this court in person or by an advocate on at 7/8/25 3 p.m. to file objections to the appeal, in default of your appearance on the same day the court take as exparte.
Given under my hand seal and signature on this day:7/8/2025 of 2025 at Kolar
Kolar
Date: 17/07/2025
Advocate of appellants
Ranjith Kumar S.H.
Kolar Advocate,
kolar.
Mob: 6363080107
By order of the Court
S/d.,
Asst. Commissioner
Kolar.
